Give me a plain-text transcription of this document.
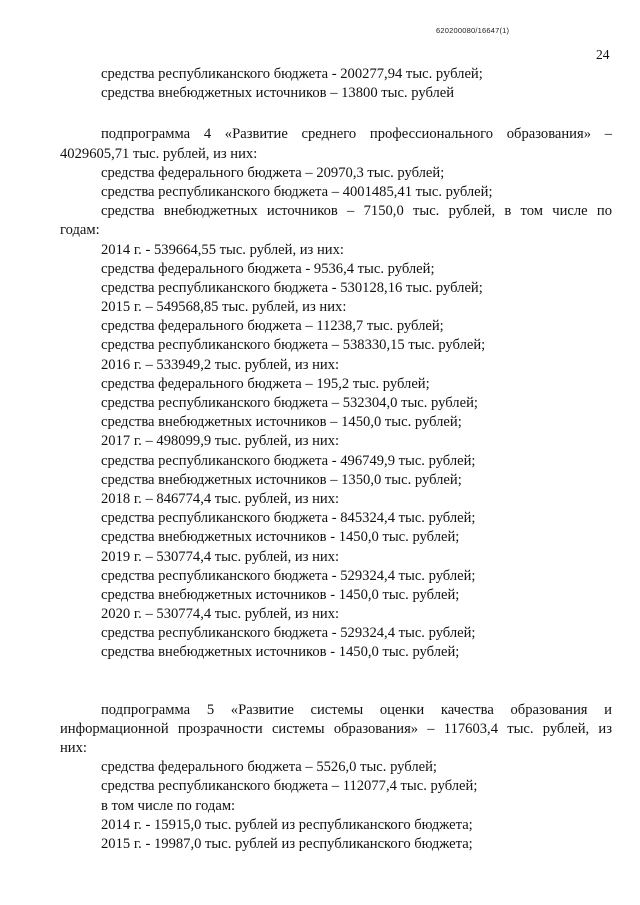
620200080/16647(1)
24
средства республиканского бюджета - 200277,94 тыс. рублей;
средства внебюджетных источников – 13800 тыс. рублей
подпрограмма 4 «Развитие среднего профессионального образования» –
4029605,71 тыс. рублей, из них:
средства федерального бюджета – 20970,3 тыс. рублей;
средства республиканского бюджета – 4001485,41 тыс. рублей;
средства внебюджетных источников – 7150,0 тыс. рублей, в том числе по
годам:
2014 г. - 539664,55 тыс. рублей, из них:
средства федерального бюджета - 9536,4 тыс. рублей;
средства республиканского бюджета - 530128,16 тыс. рублей;
2015 г. – 549568,85 тыс. рублей, из них:
средства федерального бюджета – 11238,7 тыс. рублей;
средства республиканского бюджета – 538330,15 тыс. рублей;
2016 г. – 533949,2 тыс. рублей, из них:
средства федерального бюджета – 195,2 тыс. рублей;
средства республиканского бюджета – 532304,0 тыс. рублей;
средства внебюджетных источников – 1450,0 тыс. рублей;
2017 г. – 498099,9 тыс. рублей, из них:
средства республиканского бюджета - 496749,9 тыс. рублей;
средства внебюджетных источников – 1350,0 тыс. рублей;
2018 г. – 846774,4 тыс. рублей, из них:
средства республиканского бюджета - 845324,4 тыс. рублей;
средства внебюджетных источников - 1450,0 тыс. рублей;
2019 г. – 530774,4 тыс. рублей, из них:
средства республиканского бюджета - 529324,4 тыс. рублей;
средства внебюджетных источников - 1450,0 тыс. рублей;
2020 г. – 530774,4 тыс. рублей, из них:
средства республиканского бюджета - 529324,4 тыс. рублей;
средства внебюджетных источников - 1450,0 тыс. рублей;
подпрограмма 5 «Развитие системы оценки качества образования и
информационной прозрачности системы образования» – 117603,4 тыс. рублей, из
них:
средства федерального бюджета – 5526,0 тыс. рублей;
средства республиканского бюджета – 112077,4 тыс. рублей;
в том числе по годам:
2014 г. - 15915,0 тыс. рублей из республиканского бюджета;
2015 г. - 19987,0 тыс. рублей из республиканского бюджета;
